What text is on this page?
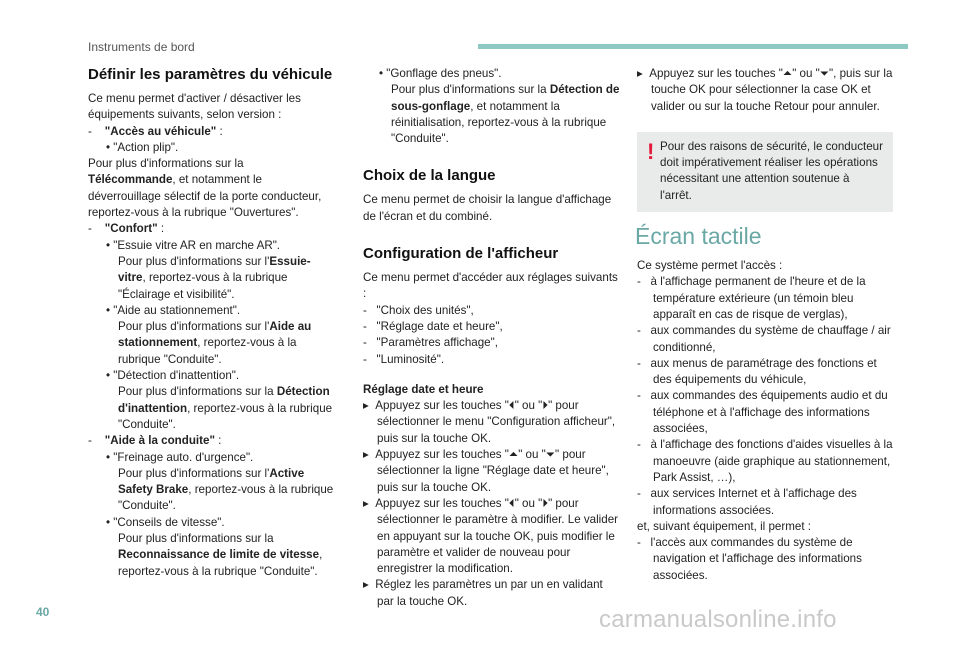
Instruments de bord
Définir les paramètres du véhicule

Ce menu permet d'activer / désactiver les équipements suivants, selon version :

-    "Accès au véhicule" :

• "Action plip".

Pour plus d'informations sur la Télécommande, et notamment le déverrouillage sélectif de la porte conducteur, reportez-vous à la rubrique "Ouvertures".

-    "Confort" :

• "Essuie vitre AR en marche AR".

Pour plus d'informations sur l'Essuie-vitre, reportez-vous à la rubrique "Éclairage et visibilité".

• "Aide au stationnement".

Pour plus d'informations sur l'Aide au stationnement, reportez-vous à la rubrique "Conduite".

• "Détection d'inattention".

Pour plus d'informations sur la Détection d'inattention, reportez-vous à la rubrique "Conduite".

-    "Aide à la conduite" :

• "Freinage auto. d'urgence".

Pour plus d'informations sur l'Active Safety Brake, reportez-vous à la rubrique "Conduite".

• "Conseils de vitesse".

Pour plus d'informations sur la Reconnaissance de limite de vitesse, reportez-vous à la rubrique "Conduite".

• "Gonflage des pneus".

Pour plus d'informations sur la Détection de sous-gonflage, et notamment la réinitialisation, reportez-vous à la rubrique "Conduite".

Choix de la langue

Ce menu permet de choisir la langue d'affichage de l'écran et du combiné.

Configuration de l'afficheur

Ce menu permet d'accéder aux réglages suivants :

-   "Choix des unités",

-   "Réglage date et heure",

-   "Paramètres affichage",

-   "Luminosité".

Réglage date et heure

▸  Appuyez sur les touches "⏴" ou "⏵" pour sélectionner le menu "Configuration afficheur", puis sur la touche OK.

▸  Appuyez sur les touches "⏶" ou "⏷" pour sélectionner la ligne "Réglage date et heure", puis sur la touche OK.

▸  Appuyez sur les touches "⏴" ou "⏵" pour sélectionner le paramètre à modifier. Le valider en appuyant sur la touche OK, puis modifier le paramètre et valider de nouveau pour enregistrer la modification.

▸  Réglez les paramètres un par un en validant par la touche OK.

▸  Appuyez sur les touches "⏶" ou "⏷", puis sur la touche OK pour sélectionner la case OK et valider ou sur la touche Retour pour annuler.

! Pour des raisons de sécurité, le conducteur doit impérativement réaliser les opérations nécessitant une attention soutenue à l'arrêt.
Écran tactile

Ce système permet l'accès :

-   à l'affichage permanent de l'heure et de la température extérieure (un témoin bleu apparaît en cas de risque de verglas),

-   aux commandes du système de chauffage / air conditionné,

-   aux menus de paramétrage des fonctions et des équipements du véhicule,

-   aux commandes des équipements audio et du téléphone et à l'affichage des informations associées,

-   à l'affichage des fonctions d'aides visuelles à la manoeuvre (aide graphique au stationnement, Park Assist, …),

-   aux services Internet et à l'affichage des informations associées.

et, suivant équipement, il permet :

-   l'accès aux commandes du système de navigation et l'affichage des informations associées.

40	carmanualsonline.info
